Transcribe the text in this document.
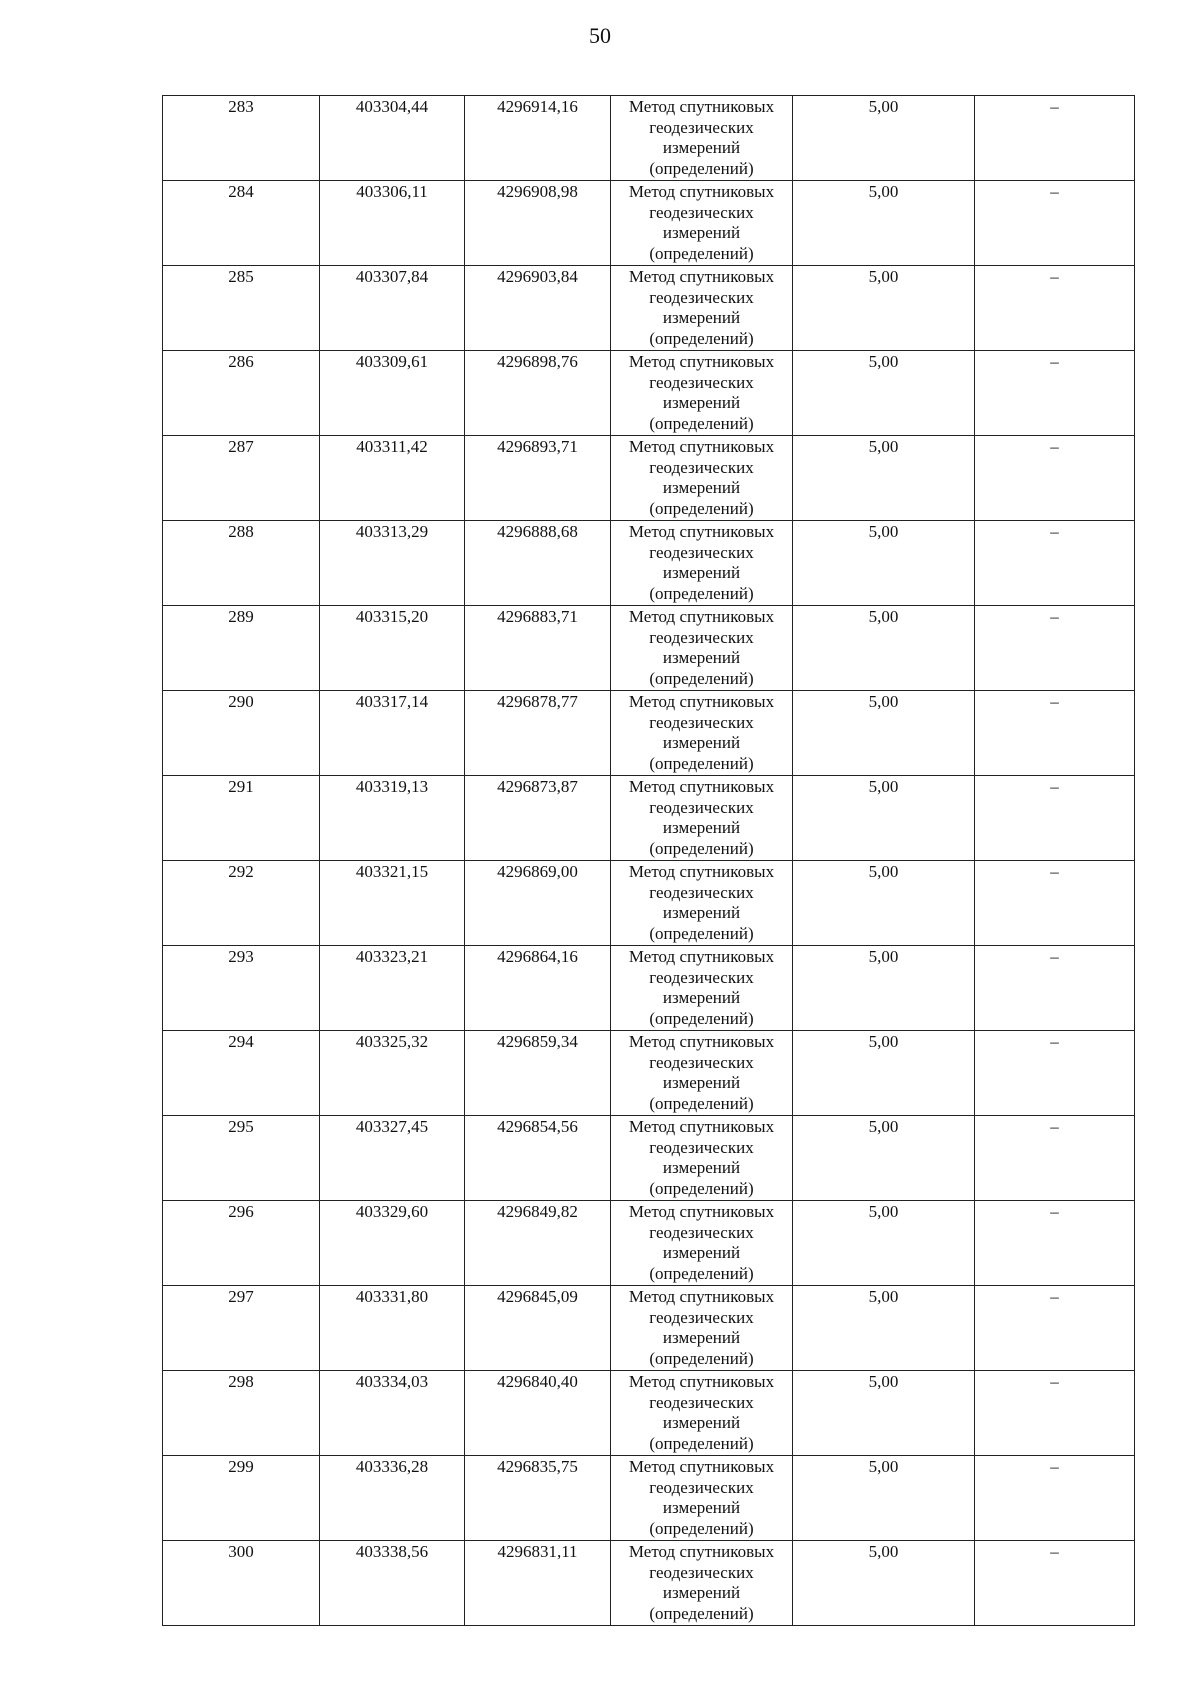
50
283	403304,44	4296914,16	Метод спутниковых геодезических измерений (определений)	5,00	–

284	403306,11	4296908,98	Метод спутниковых геодезических измерений (определений)	5,00	–

285	403307,84	4296903,84	Метод спутниковых геодезических измерений (определений)	5,00	–

286	403309,61	4296898,76	Метод спутниковых геодезических измерений (определений)	5,00	–

287	403311,42	4296893,71	Метод спутниковых геодезических измерений (определений)	5,00	–

288	403313,29	4296888,68	Метод спутниковых геодезических измерений (определений)	5,00	–

289	403315,20	4296883,71	Метод спутниковых геодезических измерений (определений)	5,00	–

290	403317,14	4296878,77	Метод спутниковых геодезических измерений (определений)	5,00	–

291	403319,13	4296873,87	Метод спутниковых геодезических измерений (определений)	5,00	–

292	403321,15	4296869,00	Метод спутниковых геодезических измерений (определений)	5,00	–

293	403323,21	4296864,16	Метод спутниковых геодезических измерений (определений)	5,00	–

294	403325,32	4296859,34	Метод спутниковых геодезических измерений (определений)	5,00	–

295	403327,45	4296854,56	Метод спутниковых геодезических измерений (определений)	5,00	–

296	403329,60	4296849,82	Метод спутниковых геодезических измерений (определений)	5,00	–

297	403331,80	4296845,09	Метод спутниковых геодезических измерений (определений)	5,00	–

298	403334,03	4296840,40	Метод спутниковых геодезических измерений (определений)	5,00	–

299	403336,28	4296835,75	Метод спутниковых геодезических измерений (определений)	5,00	–

300	403338,56	4296831,11	Метод спутниковых геодезических измерений (определений)	5,00	–
